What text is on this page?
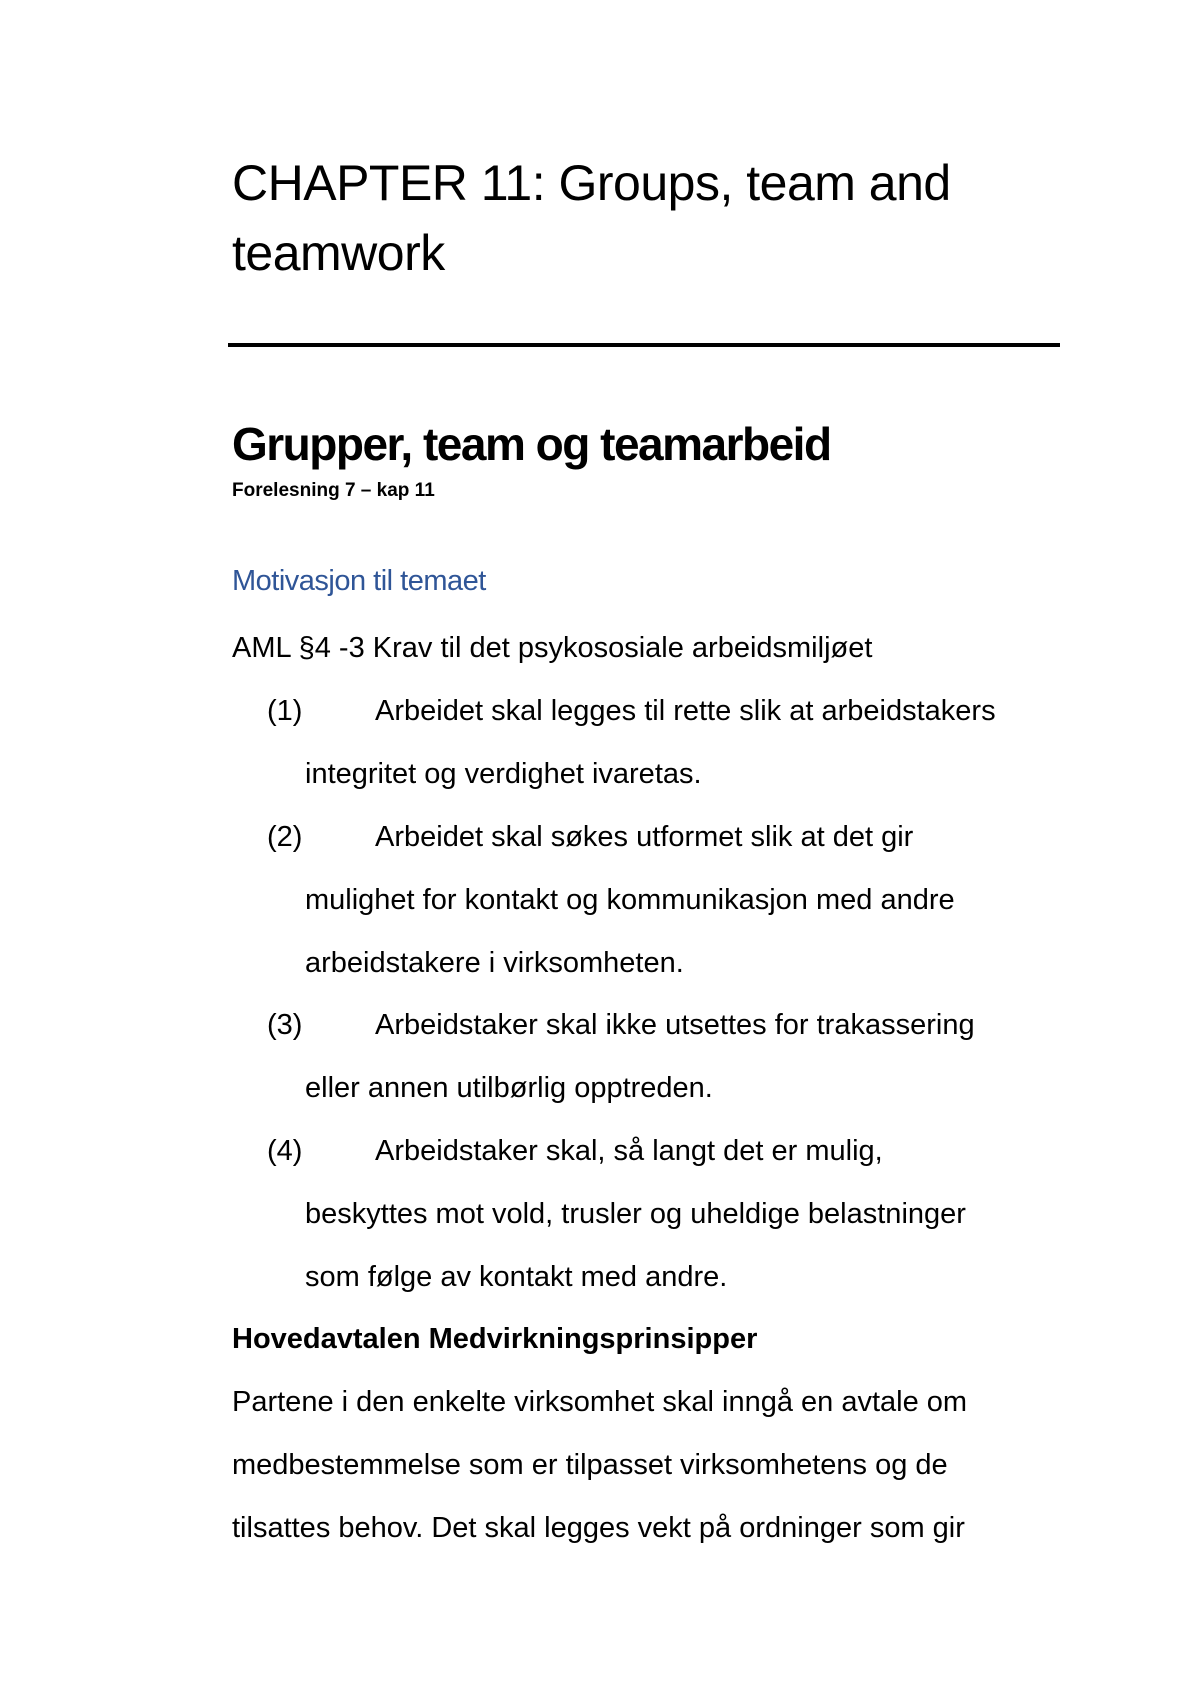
CHAPTER 11: Groups, team and
teamwork
Grupper, team og teamarbeid
Forelesning 7 – kap 11
Motivasjon til temaet

AML §4 -3 Krav til det psykososiale arbeidsmiljøet

(1)	Arbeidet skal legges til rette slik at arbeidstakers

integritet og verdighet ivaretas.

(2)	Arbeidet skal søkes utformet slik at det gir

mulighet for kontakt og kommunikasjon med andre

arbeidstakere i virksomheten.

(3)	Arbeidstaker skal ikke utsettes for trakassering

eller annen utilbørlig opptreden.

(4)	Arbeidstaker skal, så langt det er mulig,

beskyttes mot vold, trusler og uheldige belastninger

som følge av kontakt med andre.

Hovedavtalen Medvirkningsprinsipper

Partene i den enkelte virksomhet skal inngå en avtale om

medbestemmelse som er tilpasset virksomhetens og de

tilsattes behov. Det skal legges vekt på ordninger som gir
